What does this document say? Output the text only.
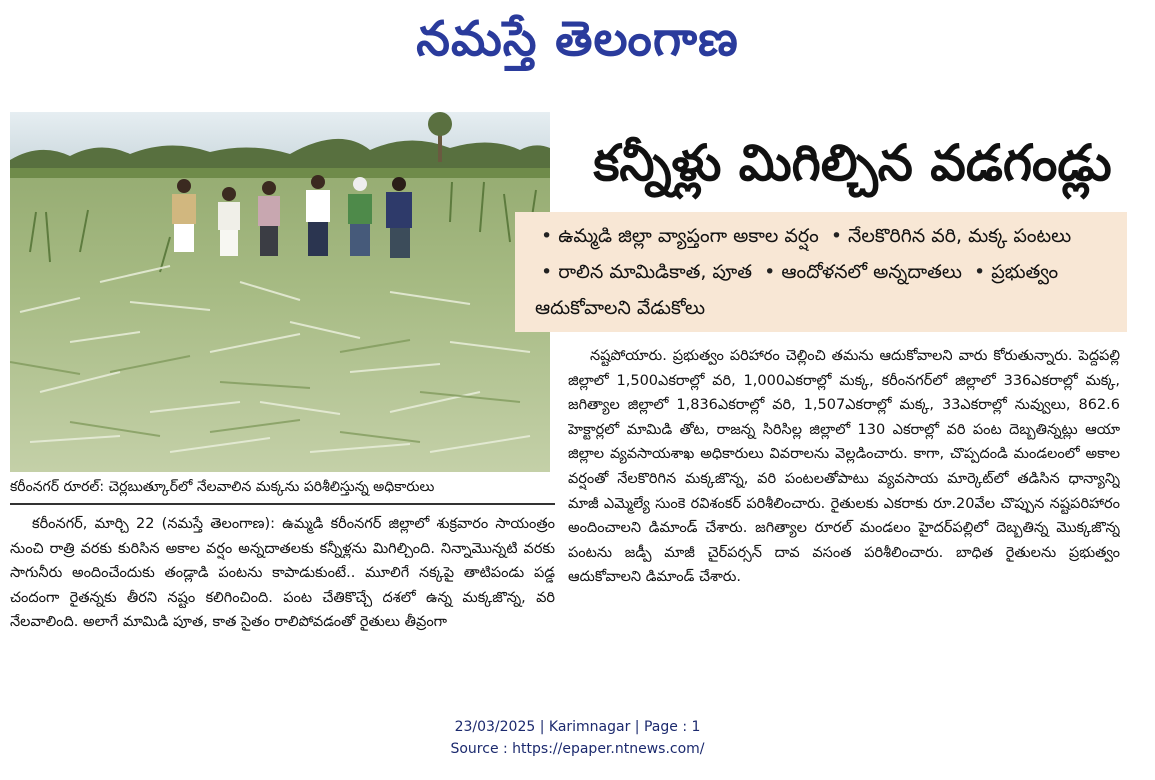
నమస్తే తెలంగాణ
కరీంనగర్ రూరల్: చెర్లబుత్కూర్‌లో నేలవాలిన మక్కను పరిశీలిస్తున్న అధికారులు
కన్నీళ్లు మిగిల్చిన వడగండ్లు
• ఉమ్మడి జిల్లా వ్యాప్తంగా అకాల వర్షం • నేలకొరిగిన వరి, మక్క పంటలు • రాలిన మామిడికాత, పూత • ఆందోళనలో అన్నదాతలు • ప్రభుత్వం ఆదుకోవాలని వేడుకోలు

కరీంనగర్, మార్చి 22 (నమస్తే తెలంగాణ): ఉమ్మడి కరీంనగర్ జిల్లాలో శుక్రవారం సాయంత్రం నుంచి రాత్రి వరకు కురిసిన అకాల వర్షం అన్నదాతలకు కన్నీళ్లను మిగిల్చింది. నిన్నామొన్నటి వరకు సాగునీరు అందించేందుకు తండ్లాడి పంటను కాపాడుకుంటే.. మూలిగే నక్కపై తాటిపండు పడ్డ చందంగా రైతన్నకు తీరని నష్టం కలిగించింది. పంట చేతికొచ్చే దశలో ఉన్న మక్కజొన్న, వరి నేలవాలింది. అలాగే మామిడి పూత, కాత సైతం రాలిపోవడంతో రైతులు తీవ్రంగా

నష్టపోయారు. ప్రభుత్వం పరిహారం చెల్లించి తమను ఆదుకోవాలని వారు కోరుతున్నారు. పెద్దపల్లి జిల్లాలో 1,500ఎకరాల్లో వరి, 1,000ఎకరాల్లో మక్క, కరీంనగర్‌లో జిల్లాలో 336ఎకరాల్లో మక్క, జగిత్యాల జిల్లాలో 1,836ఎకరాల్లో వరి, 1,507ఎకరాల్లో మక్క, 33ఎకరాల్లో నువ్వులు, 862.6 హెక్టార్లలో మామిడి తోట, రాజన్న సిరిసిల్ల జిల్లాలో 130 ఎకరాల్లో వరి పంట దెబ్బతిన్నట్లు ఆయా జిల్లాల వ్యవసాయశాఖ అధికారులు వివరాలను వెల్లడించారు. కాగా, చొప్పదండి మండలంలో అకాల వర్షంతో నేలకొరిగిన మక్కజొన్న, వరి పంటలతోపాటు వ్యవసాయ మార్కెట్‌లో తడిసిన ధాన్యాన్ని మాజీ ఎమ్మెల్యే సుంకె రవిశంకర్ పరిశీలించారు. రైతులకు ఎకరాకు రూ.20వేల చొప్పున నష్టపరిహారం అందించాలని డిమాండ్ చేశారు. జగిత్యాల రూరల్ మండలం హైదర్‌పల్లిలో దెబ్బతిన్న మొక్కజొన్న పంటను జడ్పీ మాజీ చైర్‌పర్సన్ దావ వసంత పరిశీలించారు. బాధిత రైతులను ప్రభుత్వం ఆదుకోవాలని డిమాండ్ చేశారు.

23/03/2025 | Karimnagar | Page : 1
Source : https://epaper.ntnews.com/
